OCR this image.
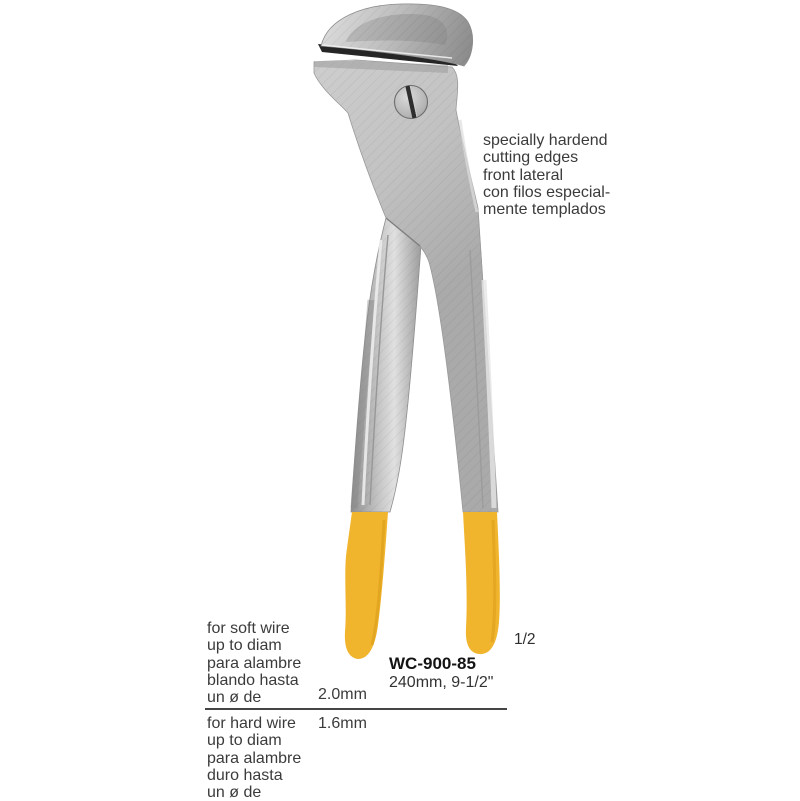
specially hardend
cutting edges
front lateral
con filos especial-
mente templados
1/2
WC-900-85
240mm, 9-1/2"
for soft wire
up to diam
para alambre
blando hasta
un ø de	2.0mm
for hard wire
up to diam
para alambre
duro hasta
un ø de
1.6mm
